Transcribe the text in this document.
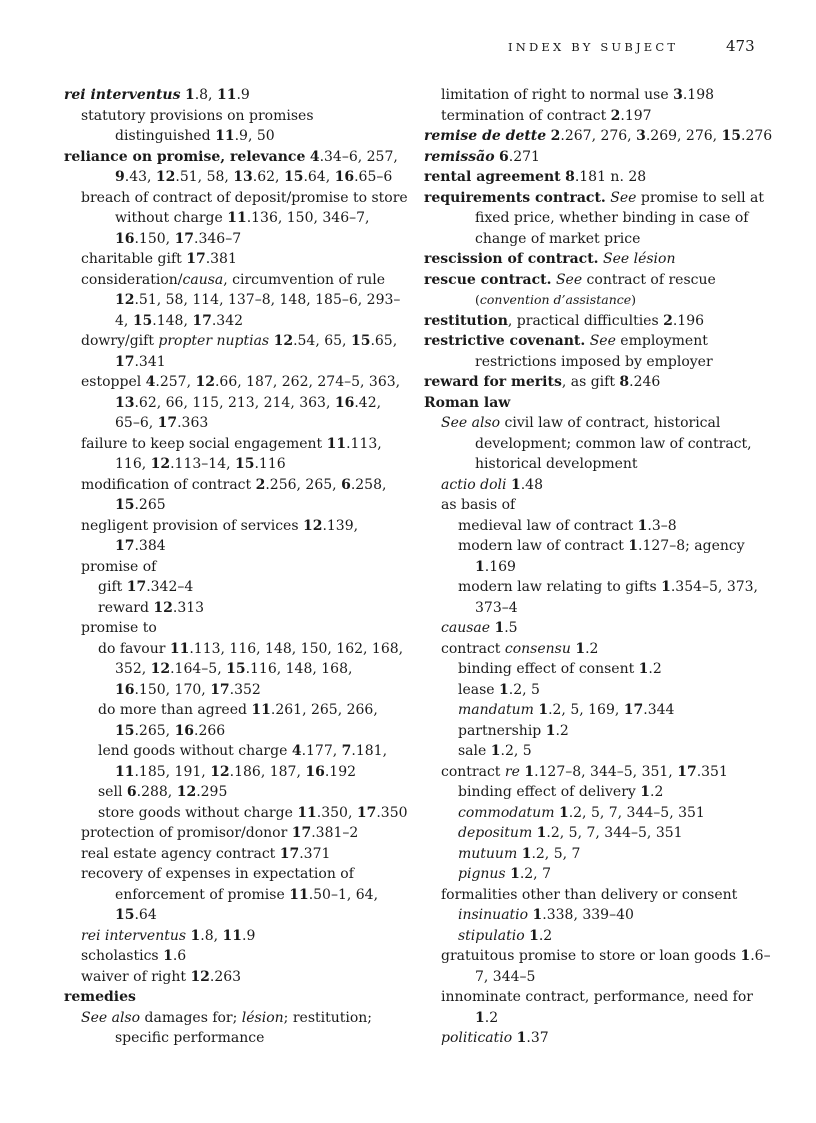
INDEX BY SUBJECT	473
rei interventus 1.8, 11.9
statutory provisions on promises distinguished 11.9, 50
reliance on promise, relevance 4.34–6, 257, 9.43, 12.51, 58, 13.62, 15.64, 16.65–6
breach of contract of deposit/promise to store without charge 11.136, 150, 346–7, 16.150, 17.346–7
charitable gift 17.381
consideration/causa, circumvention of rule 12.51, 58, 114, 137–8, 148, 185–6, 293–4, 15.148, 17.342
dowry/gift propter nuptias 12.54, 65, 15.65, 17.341
estoppel 4.257, 12.66, 187, 262, 274–5, 363, 13.62, 66, 115, 213, 214, 363, 16.42, 65–6, 17.363
failure to keep social engagement 11.113, 116, 12.113–14, 15.116
modification of contract 2.256, 265, 6.258, 15.265
negligent provision of services 12.139, 17.384
promise of
gift 17.342–4
reward 12.313
promise to
do favour 11.113, 116, 148, 150, 162, 168, 352, 12.164–5, 15.116, 148, 168, 16.150, 170, 17.352
do more than agreed 11.261, 265, 266, 15.265, 16.266
lend goods without charge 4.177, 7.181, 11.185, 191, 12.186, 187, 16.192
sell 6.288, 12.295
store goods without charge 11.350, 17.350
protection of promisor/donor 17.381–2
real estate agency contract 17.371
recovery of expenses in expectation of enforcement of promise 11.50–1, 64, 15.64
rei interventus 1.8, 11.9
scholastics 1.6
waiver of right 12.263
remedies
See also damages for; lésion; restitution; specific performance
limitation of right to normal use 3.198
termination of contract 2.197
remise de dette 2.267, 276, 3.269, 276, 15.276
remissão 6.271
rental agreement 8.181 n. 28
requirements contract. See promise to sell at fixed price, whether binding in case of change of market price
rescission of contract. See lésion
rescue contract. See contract of rescue (convention d’assistance)
restitution, practical difficulties 2.196
restrictive covenant. See employment restrictions imposed by employer
reward for merits, as gift 8.246
Roman law
See also civil law of contract, historical development; common law of contract, historical development
actio doli 1.48
as basis of
medieval law of contract 1.3–8
modern law of contract 1.127–8; agency 1.169
modern law relating to gifts 1.354–5, 373, 373–4
causae 1.5
contract consensu 1.2
binding effect of consent 1.2
lease 1.2, 5
mandatum 1.2, 5, 169, 17.344
partnership 1.2
sale 1.2, 5
contract re 1.127–8, 344–5, 351, 17.351
binding effect of delivery 1.2
commodatum 1.2, 5, 7, 344–5, 351
depositum 1.2, 5, 7, 344–5, 351
mutuum 1.2, 5, 7
pignus 1.2, 7
formalities other than delivery or consent
insinuatio 1.338, 339–40
stipulatio 1.2
gratuitous promise to store or loan goods 1.6–7, 344–5
innominate contract, performance, need for 1.2
politicatio 1.37
